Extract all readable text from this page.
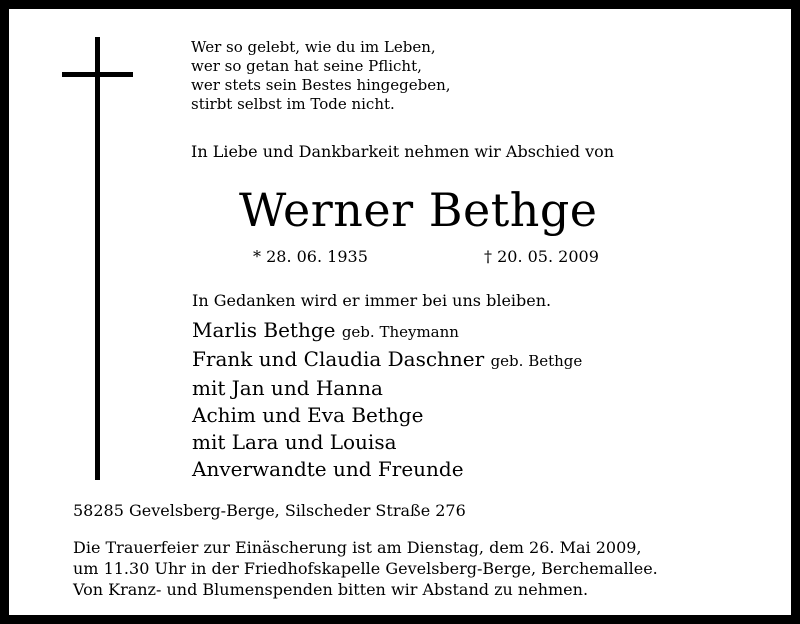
Wer so gelebt, wie du im Leben,
wer so getan hat seine Pflicht,
wer stets sein Bestes hingegeben,
stirbt selbst im Tode nicht.
In Liebe und Dankbarkeit nehmen wir Abschied von
Werner Bethge
* 28. 06. 1935	† 20. 05. 2009
In Gedanken wird er immer bei uns bleiben.
Marlis Bethge geb. Theymann
Frank und Claudia Daschner geb. Bethge
mit Jan und Hanna
Achim und Eva Bethge
mit Lara und Louisa
Anverwandte und Freunde
58285 Gevelsberg-Berge, Silscheder Straße 276
Die Trauerfeier zur Einäscherung ist am Dienstag, dem 26. Mai 2009,
um 11.30 Uhr in der Friedhofskapelle Gevelsberg-Berge, Berchemallee.
Von Kranz- und Blumenspenden bitten wir Abstand zu nehmen.
